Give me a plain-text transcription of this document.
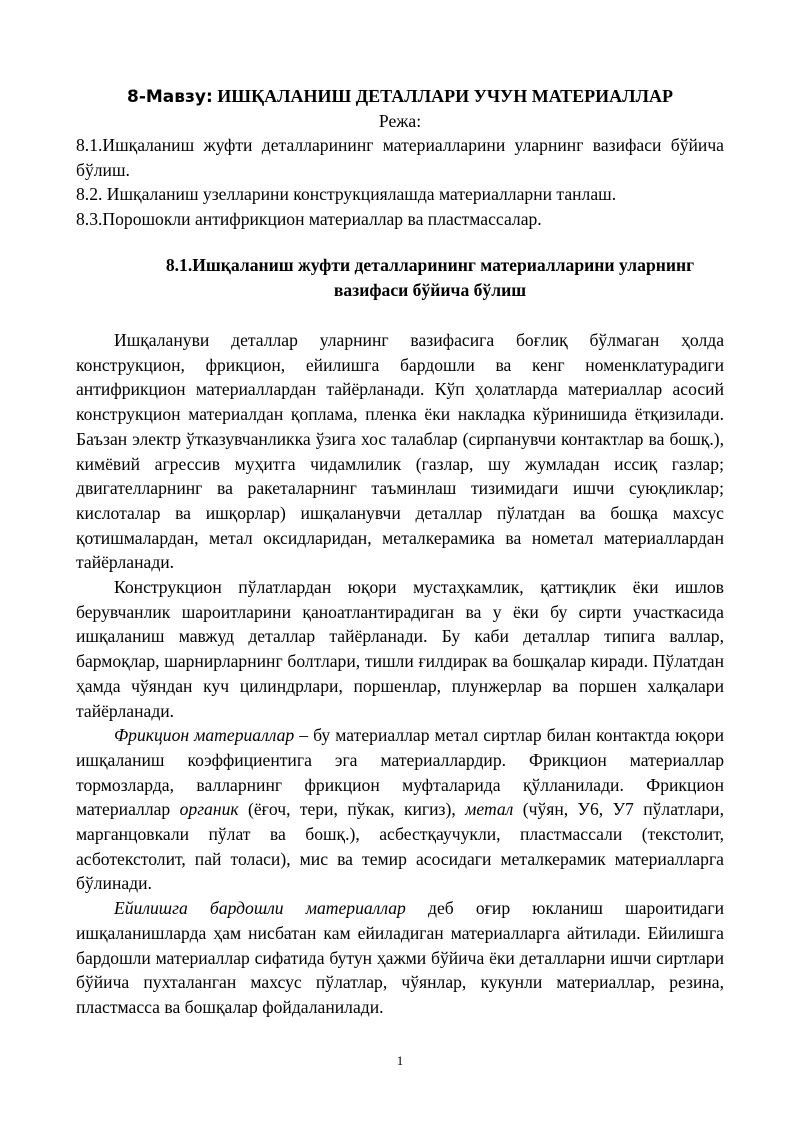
8-Мавзу: ИШҚАЛАНИШ ДЕТАЛЛАРИ УЧУН МАТЕРИАЛЛАР

Режа:

8.1.Ишқаланиш жуфти деталларининг материалларини уларнинг вазифаси бўйича бўлиш.

8.2. Ишқаланиш узелларини конструкциялашда материалларни танлаш.

8.3.Порошокли антифрикцион материаллар ва пластмассалар.

8.1.Ишқаланиш жуфти деталларининг материалларини уларнинг
вазифаси бўйича бўлиш

Ишқалануви деталлар уларнинг вазифасига боғлиқ бўлмаган ҳолда конструкцион, фрикцион, ейилишга бардошли ва кенг номенклатурадиги антифрикцион материаллардан тайёрланади. Кўп ҳолатларда материаллар асосий конструкцион материалдан қоплама, пленка ёки накладка кўринишида ётқизилади. Баъзан электр ўтказувчанликка ўзига хос талаблар (сирпанувчи контактлар ва бошқ.), кимёвий агрессив муҳитга чидамлилик (газлар, шу жумладан иссиқ газлар; двигателларнинг ва ракеталарнинг таъминлаш тизимидаги ишчи суюқликлар; кислоталар ва ишқорлар) ишқаланувчи деталлар пўлатдан ва бошқа махсус қотишмалардан, метал оксидларидан, металкерамика ва нометал материаллардан тайёрланади.

Конструкцион пўлатлардан юқори мустаҳкамлик, қаттиқлик ёки ишлов берувчанлик шароитларини қаноатлантирадиган ва у ёки бу сирти участкасида ишқаланиш мавжуд деталлар тайёрланади. Бу каби деталлар типига валлар, бармоқлар, шарнирларнинг болтлари, тишли ғилдирак ва бошқалар киради. Пўлатдан ҳамда чўяндан куч цилиндрлари, поршенлар, плунжерлар ва поршен халқалари тайёрланади.

Фрикцион материаллар – бу материаллар метал сиртлар билан контактда юқори ишқаланиш коэффициентига эга материаллардир. Фрикцион материаллар тормозларда, валларнинг фрикцион муфталарида қўлланилади. Фрикцион материаллар органик (ёғоч, тери, пўкак, кигиз), метал (чўян, У6, У7 пўлатлари, марганцовкали пўлат ва бошқ.), асбестқаучукли, пластмассали (текстолит, асботекстолит, пай толаси), мис ва темир асосидаги металкерамик материалларга бўлинади.

Ейилишга бардошли материаллар деб оғир юкланиш шароитидаги ишқаланишларда ҳам нисбатан кам ейиладиган материалларга айтилади. Ейилишга бардошли материаллар сифатида бутун ҳажми бўйича ёки деталларни ишчи сиртлари бўйича пухталанган махсус пўлатлар, чўянлар, кукунли материаллар, резина, пластмасса ва бошқалар фойдаланилади.

1
